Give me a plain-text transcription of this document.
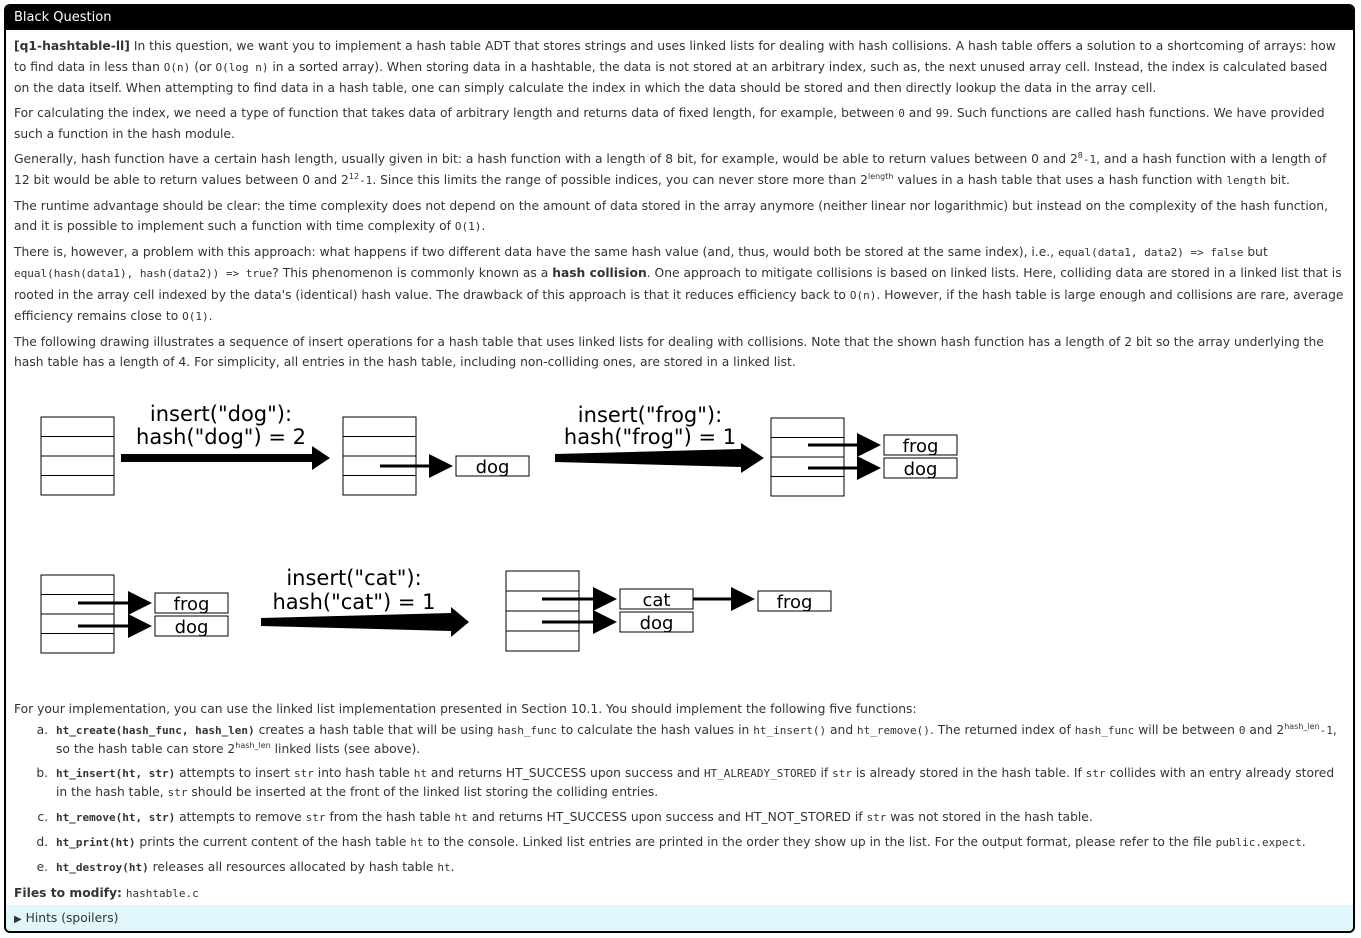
Black Question

[q1-hashtable-ll] In this question, we want you to implement a hash table ADT that stores strings and uses linked lists for dealing with hash collisions. A hash table offers a solution to a shortcoming of arrays: how to find data in less than O(n) (or O(log n) in a sorted array). When storing data in a hashtable, the data is not stored at an arbitrary index, such as, the next unused array cell. Instead, the index is calculated based on the data itself. When attempting to find data in a hash table, one can simply calculate the index in which the data should be stored and then directly lookup the data in the array cell.

For calculating the index, we need a type of function that takes data of arbitrary length and returns data of fixed length, for example, between 0 and 99. Such functions are called hash functions. We have provided such a function in the hash module.

Generally, hash function have a certain hash length, usually given in bit: a hash function with a length of 8 bit, for example, would be able to return values between 0 and $2^8-1$, and a hash function with a length of 12 bit would be able to return values between 0 and $2^{12}-1$. Since this limits the range of possible indices, you can never store more than $2^{length}$ values in a hash table that uses a hash function with length bit.

The runtime advantage should be clear: the time complexity does not depend on the amount of data stored in the array anymore (neither linear nor logarithmic) but instead on the complexity of the hash function, and it is possible to implement such a function with time complexity of O(1).

There is, however, a problem with this approach: what happens if two different data have the same hash value (and, thus, would both be stored at the same index), i.e., equal(data1, data2) => false but equal(hash(data1), hash(data2)) => true? This phenomenon is commonly known as a hash collision. One approach to mitigate collisions is based on linked lists. Here, colliding data are stored in a linked list that is rooted in the array cell indexed by the data's (identical) hash value. The drawback of this approach is that it reduces efficiency back to O(n). However, if the hash table is large enough and collisions are rare, average efficiency remains close to O(1).

The following drawing illustrates a sequence of insert operations for a hash table that uses linked lists for dealing with collisions. Note that the shown hash function has a length of 2 bit so the array underlying the hash table has a length of 4. For simplicity, all entries in the hash table, including non-colliding ones, are stored in a linked list.

dog
frog
dog
frog
dog
cat
dog
frog
insert("dog"):
hash("dog") = 2
insert("frog"):
hash("frog") = 1
insert("cat"):
hash("cat") = 1

For your implementation, you can use the linked list implementation presented in Section 10.1. You should implement the following five functions:

a. ht_create(hash_func, hash_len) creates a hash table that will be using hash_func to calculate the hash values in ht_insert() and ht_remove(). The returned index of hash_func will be between 0 and $2^{hash\_len}-1$, so the hash table can store $2^{hash\_len}$ linked lists (see above).
b. ht_insert(ht, str) attempts to insert str into hash table ht and returns HT_SUCCESS upon success and HT_ALREADY_STORED if str is already stored in the hash table. If str collides with an entry already stored in the hash table, str should be inserted at the front of the linked list storing the colliding entries.
c. ht_remove(ht, str) attempts to remove str from the hash table ht and returns HT_SUCCESS upon success and HT_NOT_STORED if str was not stored in the hash table.
d. ht_print(ht) prints the current content of the hash table ht to the console. Linked list entries are printed in the order they show up in the list. For the output format, please refer to the file public.expect.
e. ht_destroy(ht) releases all resources allocated by hash table ht.
Files to modify: hashtable.c
▶ Hints (spoilers)
